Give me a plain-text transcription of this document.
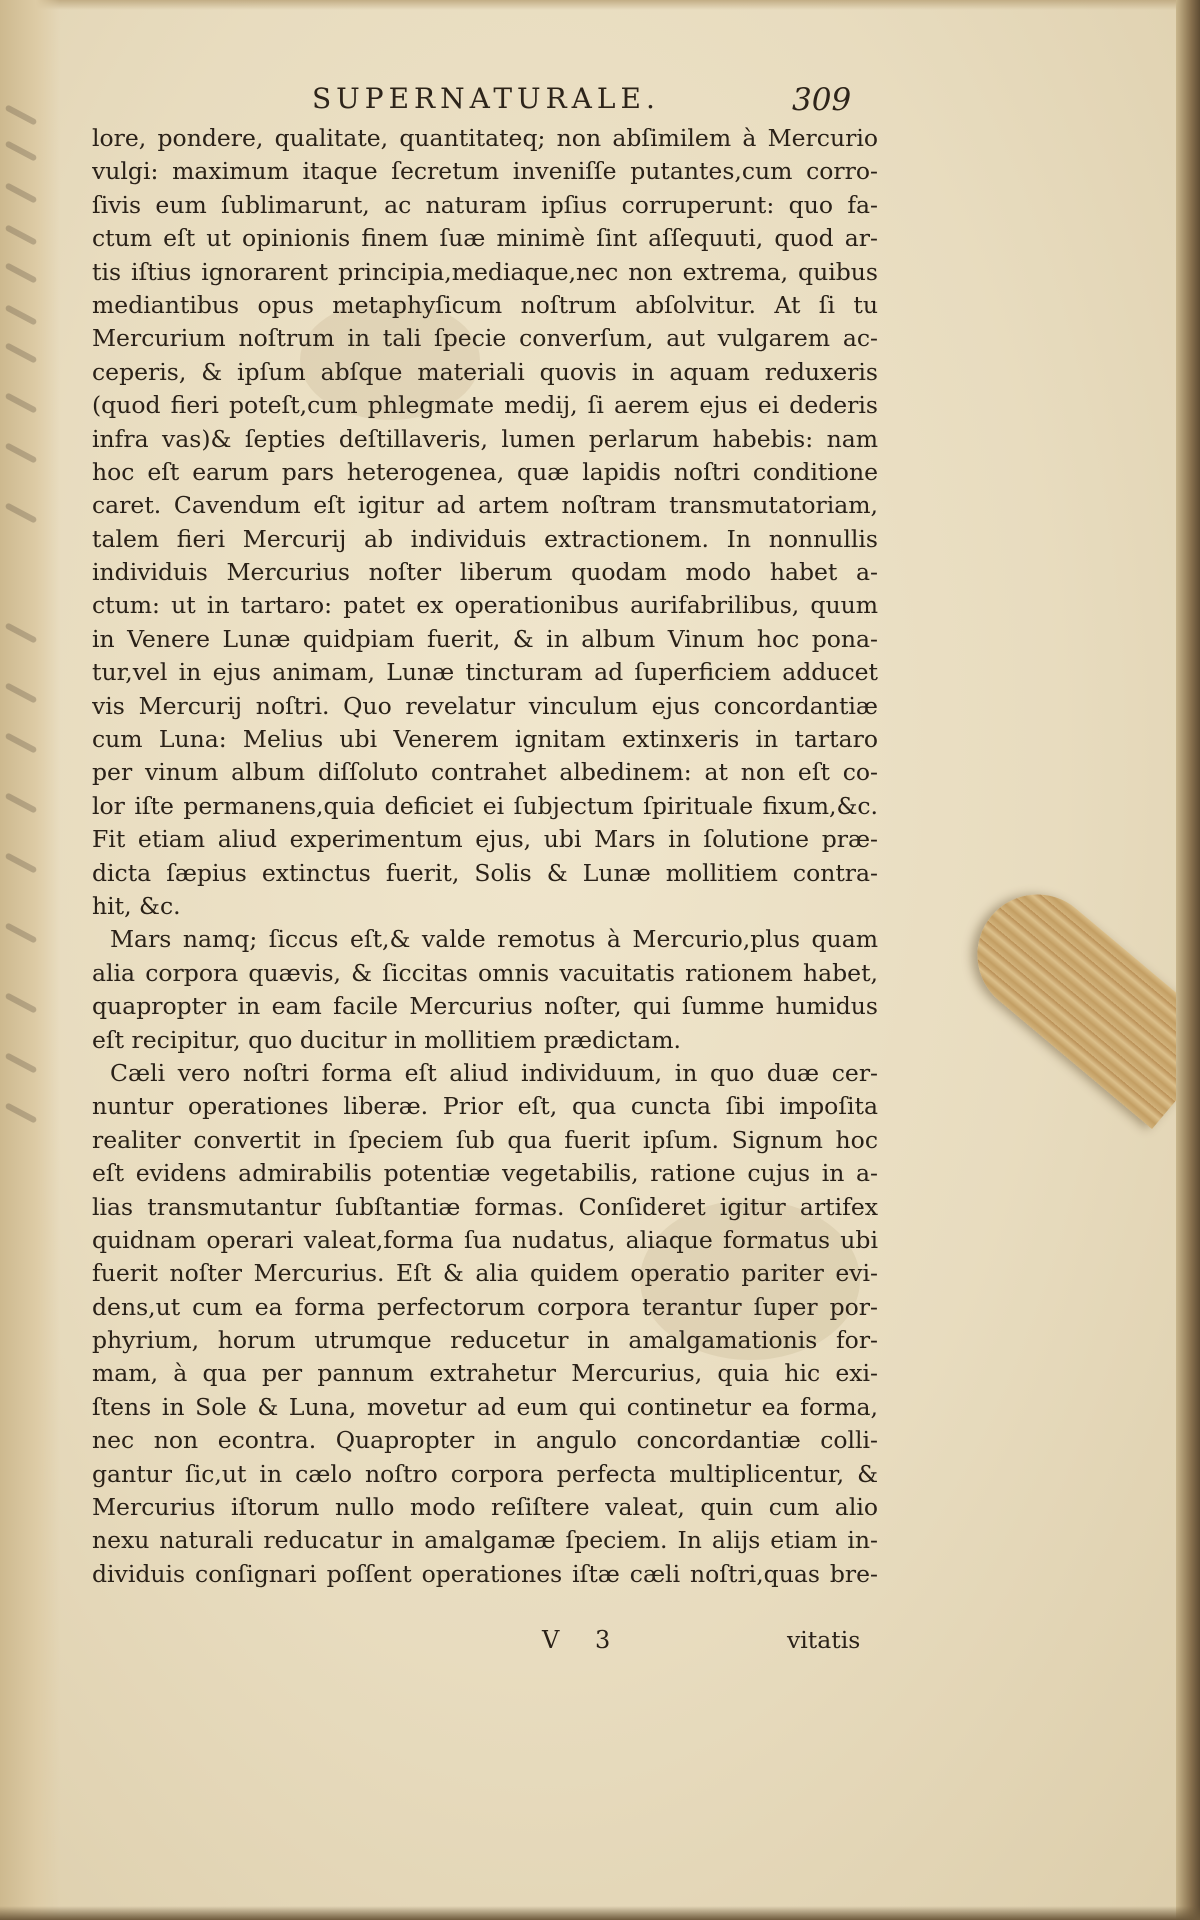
SUPERNATURALE.	309
lore, pondere, qualitate, quantitateq; non abſimilem à Mercurio
vulgi: maximum itaque ſecretum inveniſſe putantes,cum corro-
ſivis eum ſublimarunt, ac naturam ipſius corruperunt: quo fa-
ctum eſt ut opinionis finem ſuæ minimè ſint aſſequuti, quod ar-
tis iſtius ignorarent principia,mediaque,nec non extrema, quibus
mediantibus opus metaphyſicum noſtrum abſolvitur. At ſi tu
Mercurium noſtrum in tali ſpecie converſum, aut vulgarem ac-
ceperis, & ipſum abſque materiali quovis in aquam reduxeris
(quod fieri poteſt,cum phlegmate medij, ſi aerem ejus ei dederis
infra vas)& ſepties deſtillaveris, lumen perlarum habebis: nam
hoc eſt earum pars heterogenea, quæ lapidis noſtri conditione
caret. Cavendum eſt igitur ad artem noſtram transmutatoriam,
talem fieri Mercurij ab individuis extractionem. In nonnullis
individuis Mercurius noſter liberum quodam modo habet a-
ctum: ut in tartaro: patet ex operationibus aurifabrilibus, quum
in Venere Lunæ quidpiam fuerit, & in album Vinum hoc pona-
tur,vel in ejus animam, Lunæ tincturam ad ſuperficiem adducet
vis Mercurij noſtri. Quo revelatur vinculum ejus concordantiæ
cum Luna: Melius ubi Venerem ignitam extinxeris in tartaro
per vinum album diſſoluto contrahet albedinem: at non eſt co-
lor iſte permanens,quia deficiet ei ſubjectum ſpirituale fixum,&c.
Fit etiam aliud experimentum ejus, ubi Mars in ſolutione præ-
dicta ſæpius extinctus fuerit, Solis & Lunæ mollitiem contra-
hit, &c.
Mars namq; ſiccus eſt,& valde remotus à Mercurio,plus quam
alia corpora quævis, & ſiccitas omnis vacuitatis rationem habet,
quapropter in eam facile Mercurius noſter, qui ſumme humidus
eſt recipitur, quo ducitur in mollitiem prædictam.
Cæli vero noſtri forma eſt aliud individuum, in quo duæ cer-
nuntur operationes liberæ. Prior eſt, qua cuncta ſibi impoſita
realiter convertit in ſpeciem ſub qua fuerit ipſum. Signum hoc
eſt evidens admirabilis potentiæ vegetabilis, ratione cujus in a-
lias transmutantur ſubſtantiæ formas. Conſideret igitur artifex
quidnam operari valeat,forma ſua nudatus, aliaque formatus ubi
fuerit noſter Mercurius. Eſt & alia quidem operatio pariter evi-
dens,ut cum ea forma perfectorum corpora terantur ſuper por-
phyrium, horum utrumque reducetur in amalgamationis for-
mam, à qua per pannum extrahetur Mercurius, quia hic exi-
ſtens in Sole & Luna, movetur ad eum qui continetur ea forma,
nec non econtra. Quapropter in angulo concordantiæ colli-
gantur ſic,ut in cælo noſtro corpora perfecta multiplicentur, &
Mercurius iſtorum nullo modo reſiſtere valeat, quin cum alio
nexu naturali reducatur in amalgamæ ſpeciem. In alijs etiam in-
dividuis conſignari poſſent operationes iſtæ cæli noſtri,quas bre-
V 3	vitatis
